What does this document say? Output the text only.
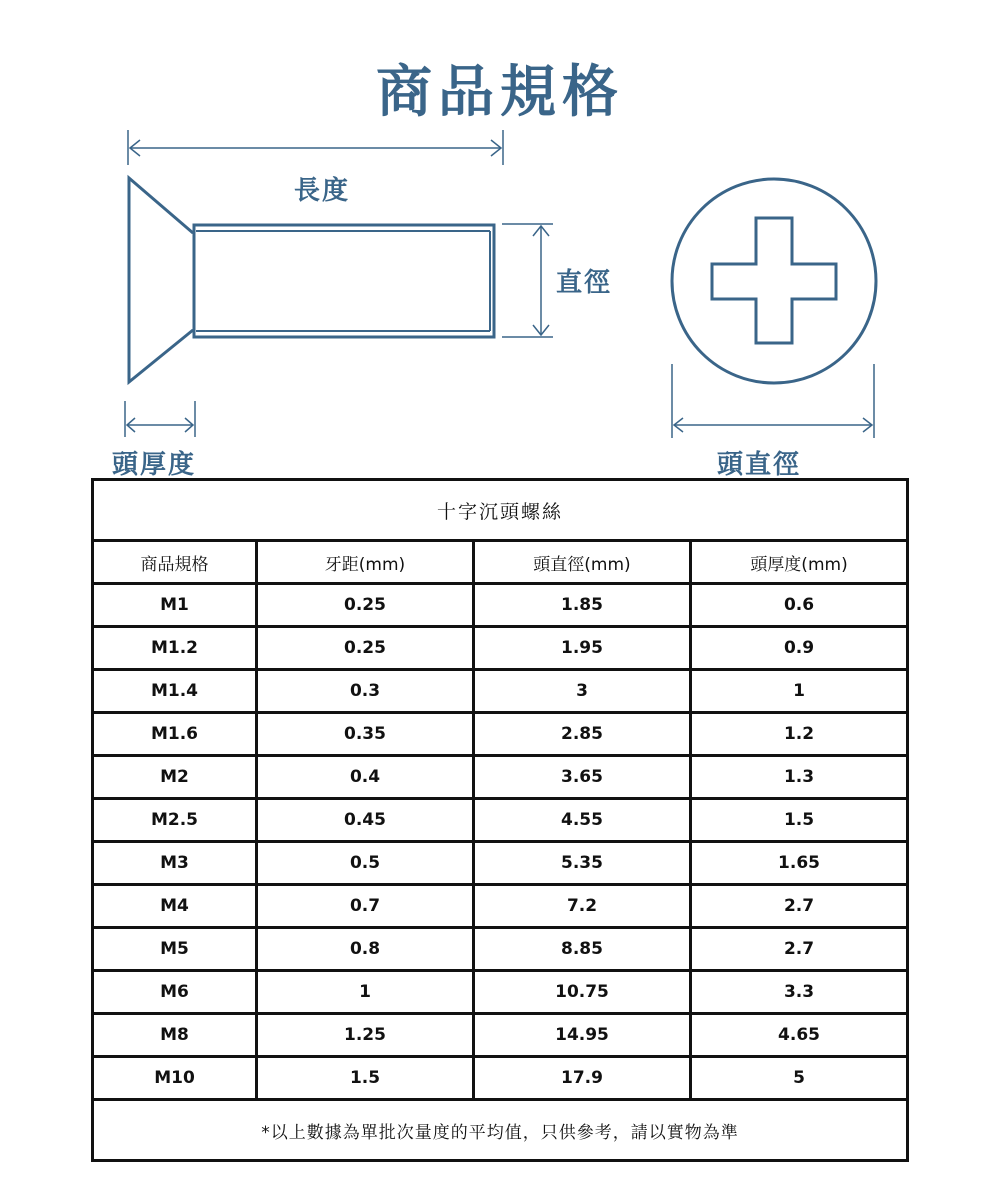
商品規格
長度
直徑
頭厚度	頭直徑
十字沉頭螺絲			
商品規格	牙距(mm)	頭直徑(mm)	頭厚度(mm)
M1	0.25	1.85	0.6
M1.2	0.25	1.95	0.9
M1.4	0.3	3	1
M1.6	0.35	2.85	1.2
M2	0.4	3.65	1.3
M2.5	0.45	4.55	1.5
M3	0.5	5.35	1.65
M4	0.7	7.2	2.7
M5	0.8	8.85	2.7
M6	1	10.75	3.3
M8	1.25	14.95	4.65
M10	1.5	17.9	5
*以上數據為單批次量度的平均值，只供參考，請以實物為準			
